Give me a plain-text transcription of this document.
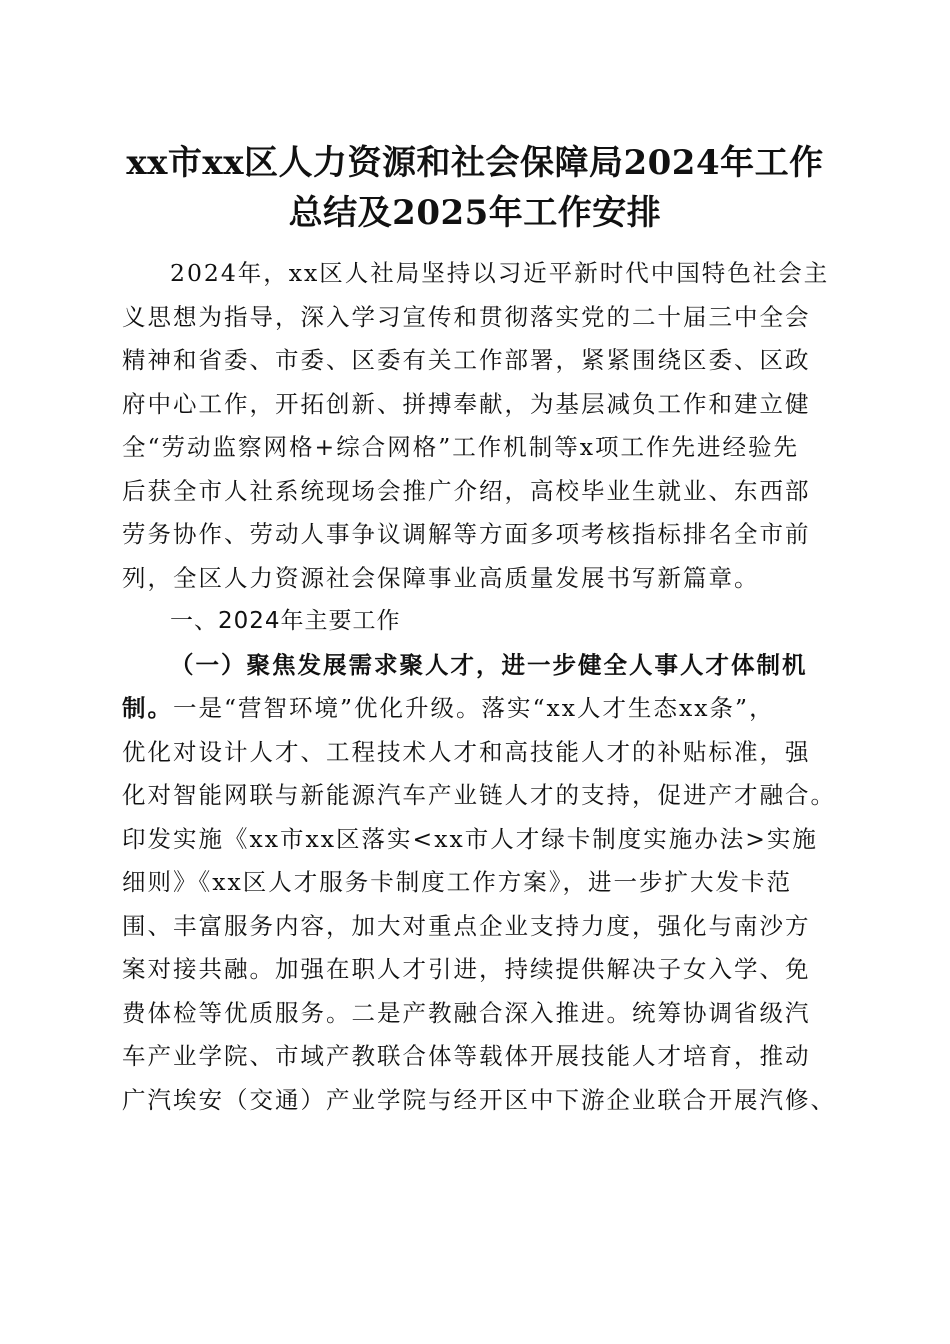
xx市xx区人力资源和社会保障局2024年工作
总结及2025年工作安排
2024年，xx区人社局坚持以习近平新时代中国特色社会主
义思想为指导，深入学习宣传和贯彻落实党的二十届三中全会
精神和省委、市委、区委有关工作部署，紧紧围绕区委、区政
府中心工作，开拓创新、拼搏奉献，为基层减负工作和建立健
全“劳动监察网格+综合网格”工作机制等x项工作先进经验先
后获全市人社系统现场会推广介绍，高校毕业生就业、东西部
劳务协作、劳动人事争议调解等方面多项考核指标排名全市前
列，全区人力资源社会保障事业高质量发展书写新篇章。
一、2024年主要工作
（一）聚焦发展需求聚人才，进一步健全人事人才体制机
制。一是“营智环境”优化升级。落实“xx人才生态xx条”，
优化对设计人才、工程技术人才和高技能人才的补贴标准，强
化对智能网联与新能源汽车产业链人才的支持，促进产才融合。
印发实施《xx市xx区落实<xx市人才绿卡制度实施办法>实施
细则》《xx区人才服务卡制度工作方案》，进一步扩大发卡范
围、丰富服务内容，加大对重点企业支持力度，强化与南沙方
案对接共融。加强在职人才引进，持续提供解决子女入学、免
费体检等优质服务。二是产教融合深入推进。统筹协调省级汽
车产业学院、市域产教联合体等载体开展技能人才培育，推动
广汽埃安（交通）产业学院与经开区中下游企业联合开展汽修、
